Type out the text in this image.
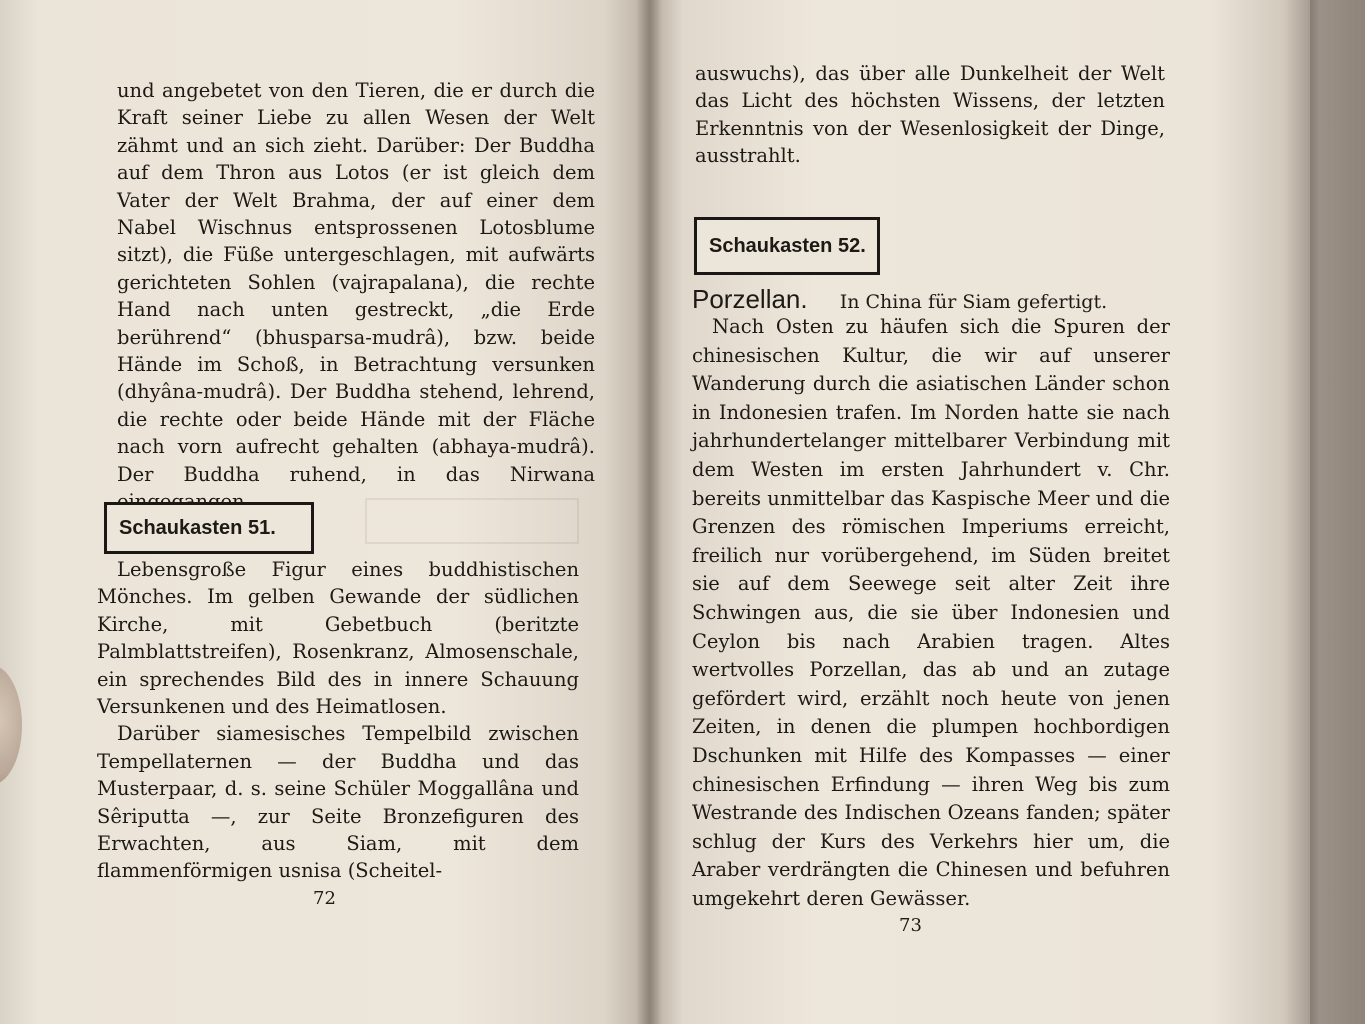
und angebetet von den Tieren, die er durch die Kraft seiner Liebe zu allen Wesen der Welt zähmt und an sich zieht. Darüber: Der Buddha auf dem Thron aus Lotos (er ist gleich dem Vater der Welt Brahma, der auf einer dem Nabel Wischnus entsprossenen Lotosblume sitzt), die Füße untergeschlagen, mit aufwärts gerichteten Sohlen (vajrapalana), die rechte Hand nach unten gestreckt, „die Erde berührend“ (bhusparsa-mudrâ), bzw. beide Hände im Schoß, in Betrachtung versunken (dhyâna-mudrâ). Der Buddha stehend, lehrend, die rechte oder beide Hände mit der Fläche nach vorn aufrecht gehalten (abhaya-mudrâ). Der Buddha ruhend, in das Nirwana

Schaukasten 51.

Lebensgroße Figur eines buddhistischen Mönches. Im gelben Gewande der südlichen Kirche, mit Gebetbuch (beritzte Palmblattstreifen), Rosenkranz, Almosenschale, ein sprechendes Bild des in innere Schauung Versunkenen und des Heimatlosen.

Darüber siamesisches Tempelbild zwischen Tempellaternen — der Buddha und das Musterpaar, d. s. seine Schüler Moggallâna und Sêriputta —, zur Seite Bronzefiguren des Erwachten, aus Siam, mit dem flammenförmigen usnisa (Scheitel-

72

auswuchs), das über alle Dunkelheit der Welt das Licht des höchsten Wissens, der letzten Erkenntnis von der Wesenlosigkeit der Dinge, ausstrahlt.

Schaukasten 52.
Porzellan. In China für Siam gefertigt.

Nach Osten zu häufen sich die Spuren der chinesischen Kultur, die wir auf unserer Wanderung durch die asiatischen Länder schon in Indonesien trafen. Im Norden hatte sie nach jahrhundertelanger mittelbarer Verbindung mit dem Westen im ersten Jahrhundert v. Chr. bereits unmittelbar das Kaspische Meer und die Grenzen des römischen Imperiums erreicht, freilich nur vorübergehend, im Süden breitet sie auf dem Seewege seit alter Zeit ihre Schwingen aus, die sie über Indonesien und Ceylon bis nach Arabien tragen. Altes wertvolles Porzellan, das ab und an zutage gefördert wird, erzählt noch heute von jenen Zeiten, in denen die plumpen hochbordigen Dschunken mit Hilfe des Kompasses — einer chinesischen Erfindung — ihren Weg bis zum Westrande des Indischen Ozeans fanden; später schlug der Kurs des Verkehrs hier um, die Araber verdrängten die Chinesen und befuhren umgekehrt deren Gewässer.

73
